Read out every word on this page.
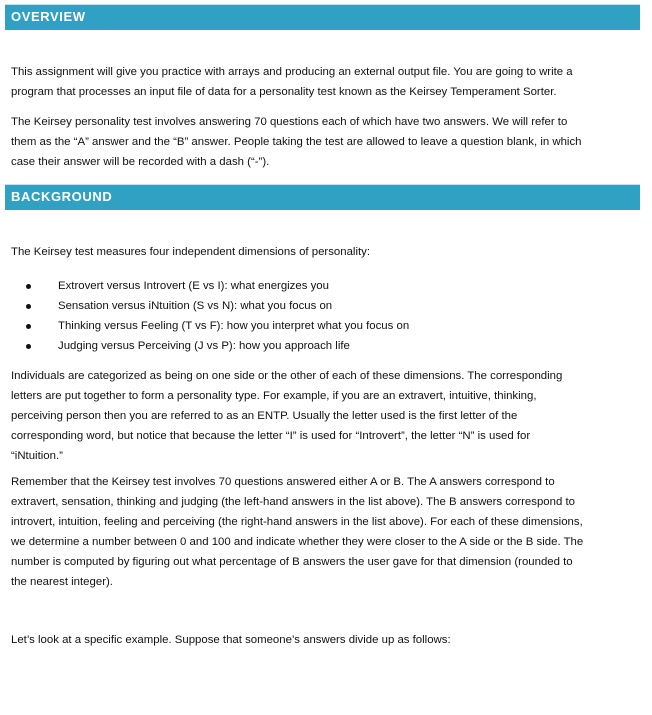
OVERVIEW

This assignment will give you practice with arrays and producing an external output file. You are going to write a
program that processes an input file of data for a personality test known as the Keirsey Temperament Sorter.

The Keirsey personality test involves answering 70 questions each of which have two answers. We will refer to
them as the “A” answer and the “B” answer. People taking the test are allowed to leave a question blank, in which
case their answer will be recorded with a dash (“-”).

BACKGROUND

The Keirsey test measures four independent dimensions of personality:

Extrovert versus Introvert (E vs I): what energizes you
Sensation versus iNtuition (S vs N): what you focus on
Thinking versus Feeling (T vs F): how you interpret what you focus on
Judging versus Perceiving (J vs P): how you approach life

Individuals are categorized as being on one side or the other of each of these dimensions. The corresponding
letters are put together to form a personality type. For example, if you are an extravert, intuitive, thinking,
perceiving person then you are referred to as an ENTP. Usually the letter used is the first letter of the
corresponding word, but notice that because the letter “I” is used for “Introvert”, the letter “N” is used for
“iNtuition.”

Remember that the Keirsey test involves 70 questions answered either A or B. The A answers correspond to
extravert, sensation, thinking and judging (the left-hand answers in the list above). The B answers correspond to
introvert, intuition, feeling and perceiving (the right-hand answers in the list above). For each of these dimensions,
we determine a number between 0 and 100 and indicate whether they were closer to the A side or the B side. The
number is computed by figuring out what percentage of B answers the user gave for that dimension (rounded to
the nearest integer).

Let’s look at a specific example. Suppose that someone’s answers divide up as follows:
